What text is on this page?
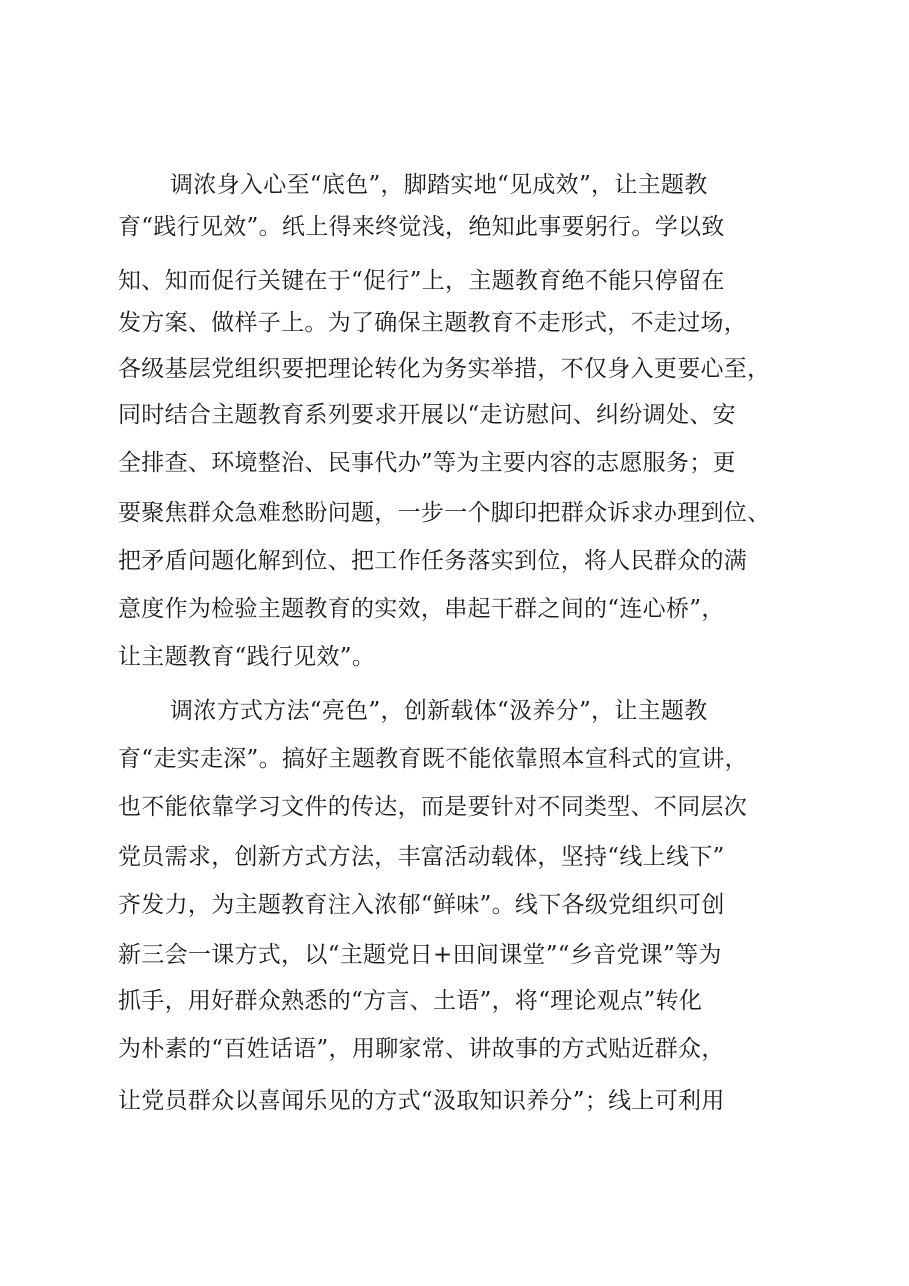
调浓身入心至“底色”，脚踏实地“见成效”，让主题教
育“践行见效”。纸上得来终觉浅，绝知此事要躬行。学以致
知、知而促行关键在于“促行”上，主题教育绝不能只停留在
发方案、做样子上。为了确保主题教育不走形式，不走过场，
各级基层党组织要把理论转化为务实举措，不仅身入更要心至，
同时结合主题教育系列要求开展以“走访慰问、纠纷调处、安
全排查、环境整治、民事代办”等为主要内容的志愿服务；更
要聚焦群众急难愁盼问题，一步一个脚印把群众诉求办理到位、
把矛盾问题化解到位、把工作任务落实到位，将人民群众的满
意度作为检验主题教育的实效，串起干群之间的“连心桥”，
让主题教育“践行见效”。
调浓方式方法“亮色”，创新载体“汲养分”，让主题教
育“走实走深”。搞好主题教育既不能依靠照本宣科式的宣讲，
也不能依靠学习文件的传达，而是要针对不同类型、不同层次
党员需求，创新方式方法，丰富活动载体，坚持“线上线下”
齐发力，为主题教育注入浓郁“鲜味”。线下各级党组织可创
新三会一课方式，以“主题党日+田间课堂”“乡音党课”等为
抓手，用好群众熟悉的“方言、土语”，将“理论观点”转化
为朴素的“百姓话语”，用聊家常、讲故事的方式贴近群众，
让党员群众以喜闻乐见的方式“汲取知识养分”；线上可利用
